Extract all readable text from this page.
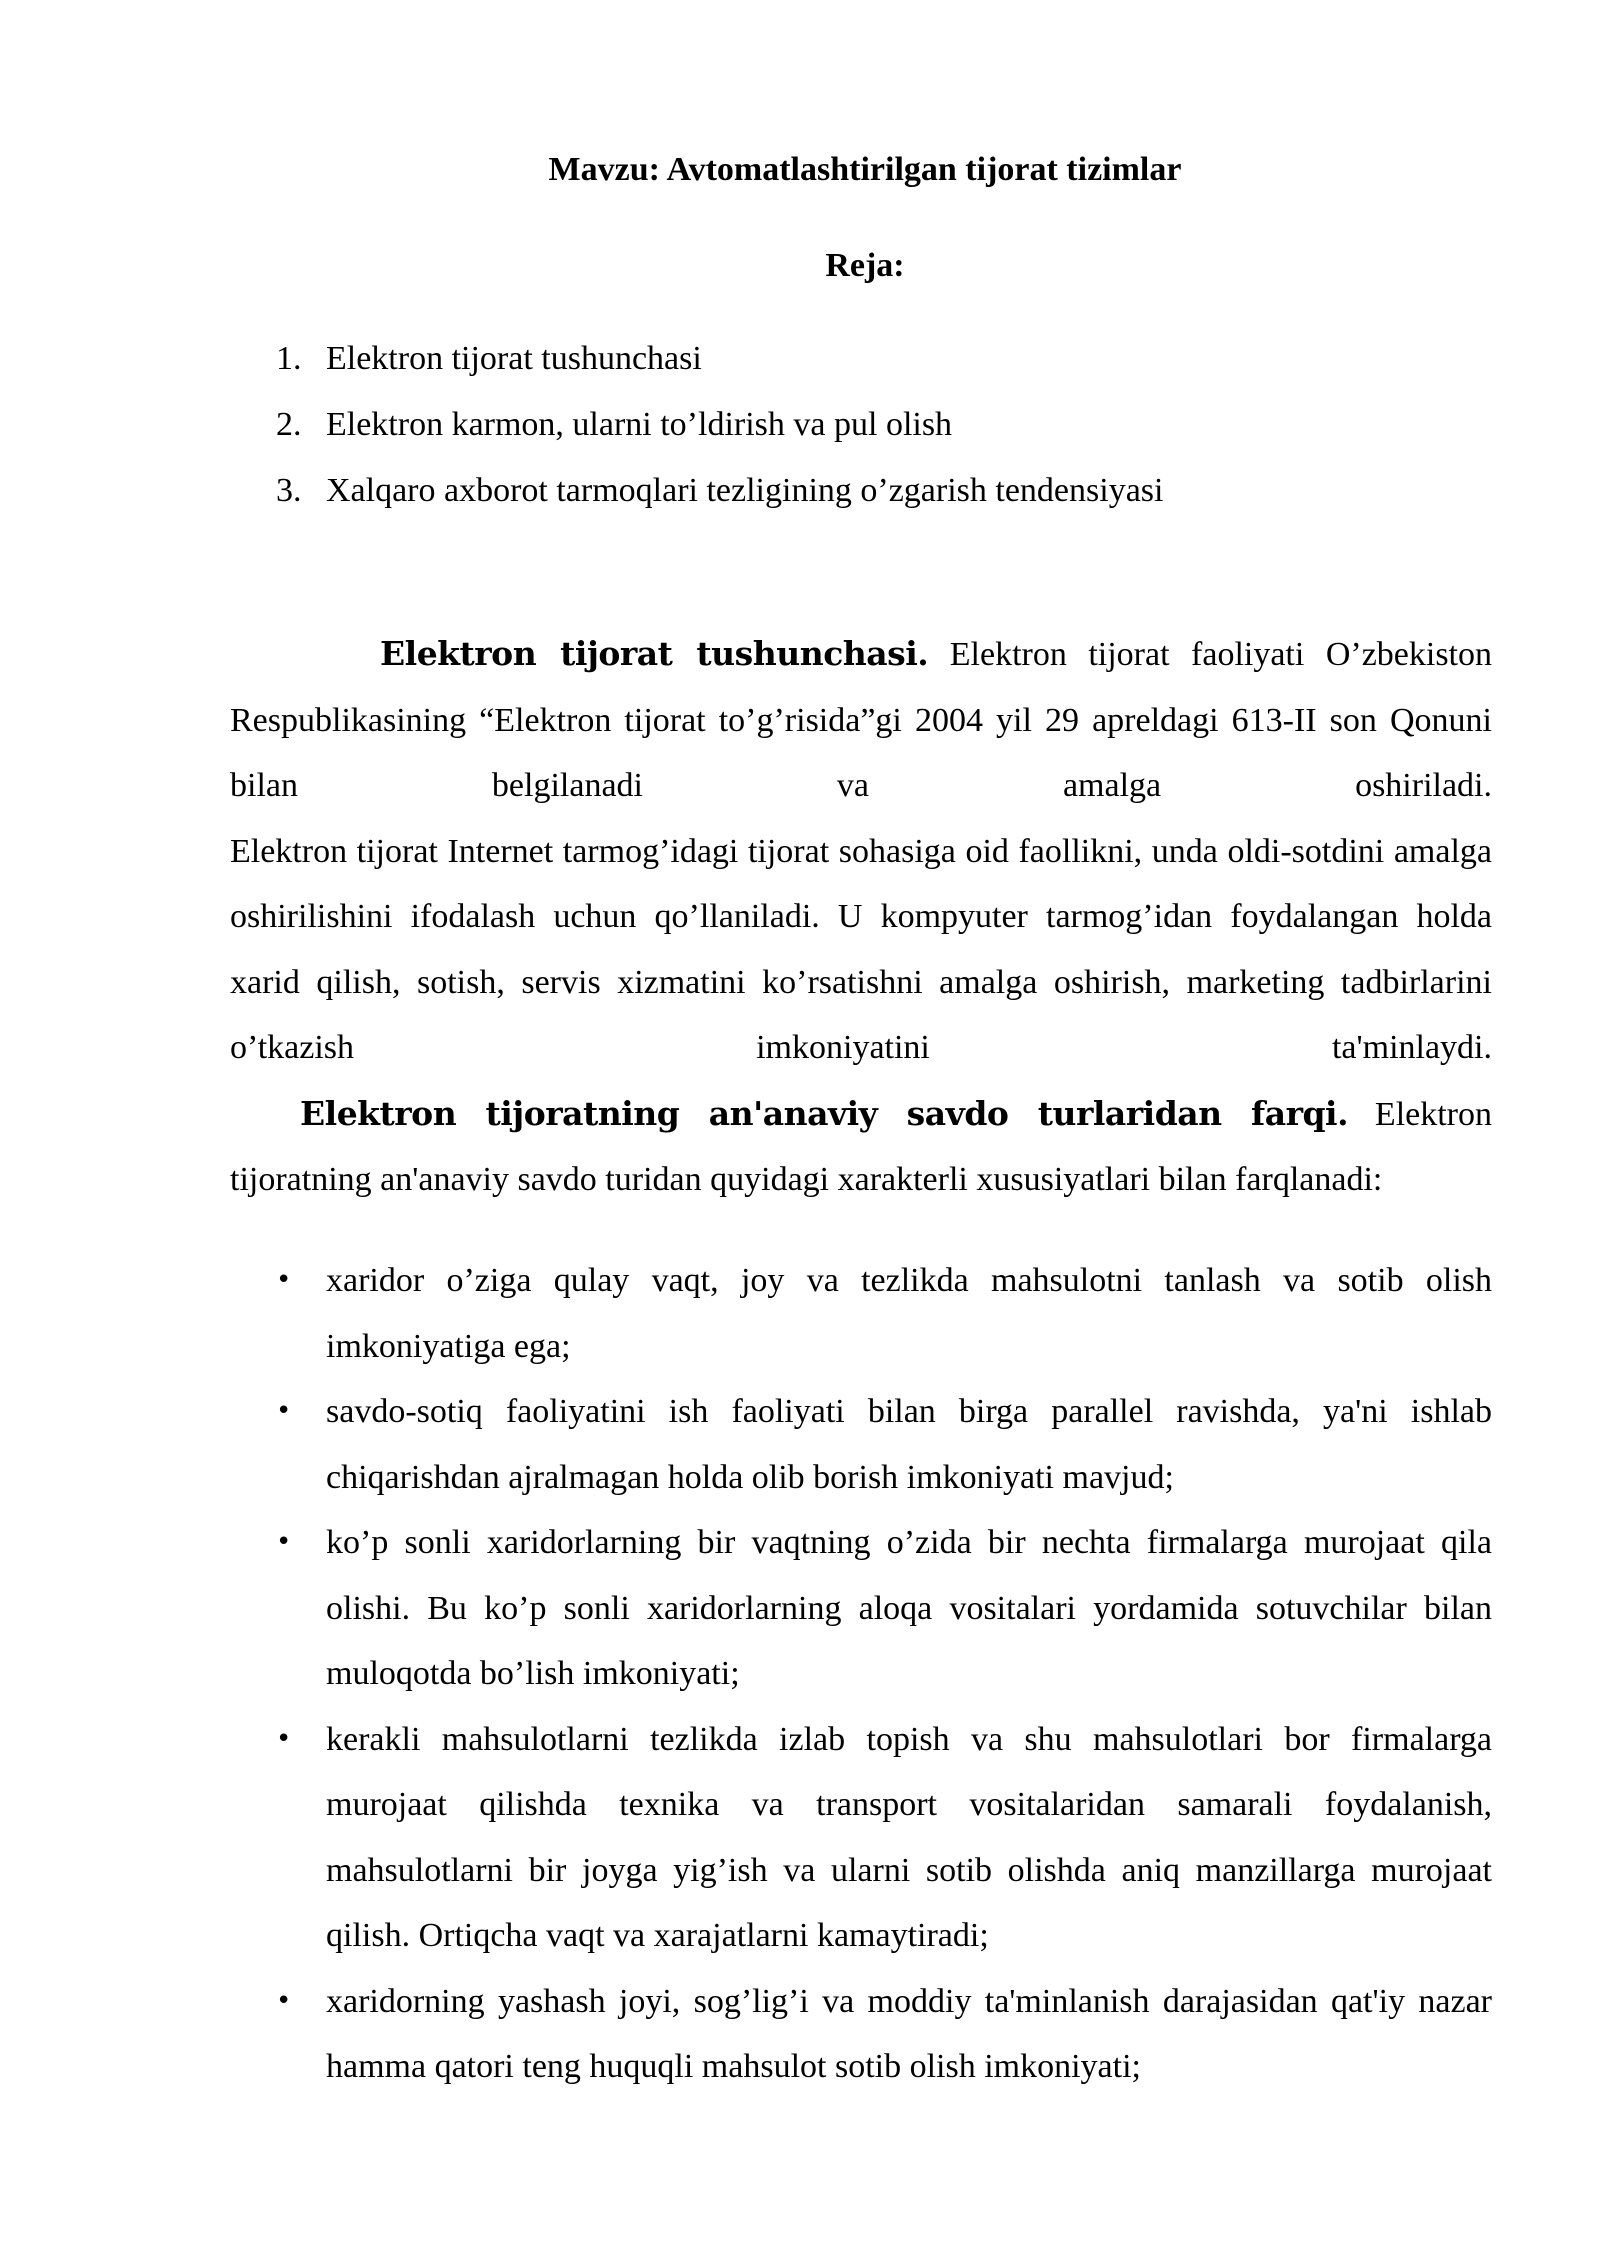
Mavzu: Avtomatlashtirilgan tijorat tizimlar
Reja:
1. Elektron tijorat tushunchasi
2. Elektron karmon, ularni to’ldirish va pul olish
3. Xalqaro axborot tarmoqlari tezligining o’zgarish tendensiyasi

Elektron tijorat tushunchasi. Elektron tijorat faoliyati O’zbekiston Respublikasining “Elektron tijorat to’g’risida”gi 2004 yil 29 apreldagi 613-II son Qonuni bilan belgilanadi va amalga oshiriladi.

Elektron tijorat Internet tarmog’idagi tijorat sohasiga oid faollikni, unda oldi-sotdini amalga oshirilishini ifodalash uchun qo’llaniladi. U kompyuter tarmog’idan foydalangan holda xarid qilish, sotish, servis xizmatini ko’rsatishni amalga oshirish, marketing tadbirlarini o’tkazish imkoniyatini ta'minlaydi.

Elektron tijoratning an'anaviy savdo turlaridan farqi. Elektron tijoratning an'anaviy savdo turidan quyidagi xarakterli xususiyatlari bilan farqlanadi:

• xaridor o’ziga qulay vaqt, joy va tezlikda mahsulotni tanlash va sotib olish imkoniyatiga ega;
• savdo-sotiq faoliyatini ish faoliyati bilan birga parallel ravishda, ya'ni ishlab chiqarishdan ajralmagan holda olib borish imkoniyati mavjud;
• ko’p sonli xaridorlarning bir vaqtning o’zida bir nechta firmalarga murojaat qila olishi. Bu ko’p sonli xaridorlarning aloqa vositalari yordamida sotuvchilar bilan muloqotda bo’lish imkoniyati;
• kerakli mahsulotlarni tezlikda izlab topish va shu mahsulotlari bor firmalarga murojaat qilishda texnika va transport vositalaridan samarali foydalanish, mahsulotlarni bir joyga yig’ish va ularni sotib olishda aniq manzillarga murojaat qilish. Ortiqcha vaqt va xarajatlarni kamaytiradi;
• xaridorning yashash joyi, sog’lig’i va moddiy ta'minlanish darajasidan qat'iy nazar hamma qatori teng huquqli mahsulot sotib olish imkoniyati;
